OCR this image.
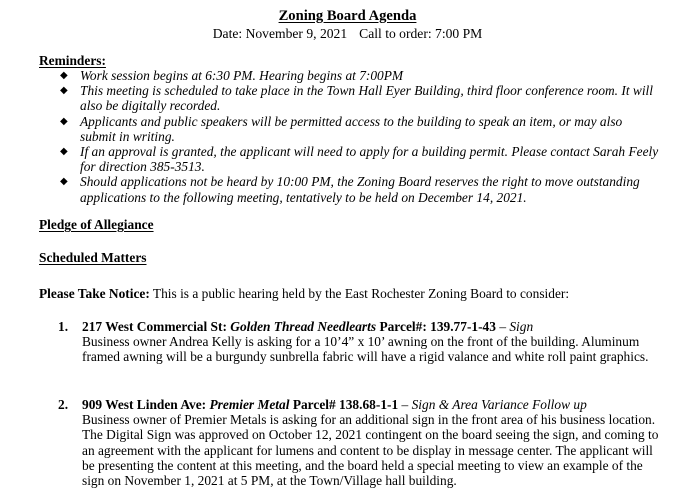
Zoning Board Agenda
Date: November 9, 2021 Call to order: 7:00 PM
Reminders:
◆ Work session begins at 6:30 PM. Hearing begins at 7:00PM
◆ This meeting is scheduled to take place in the Town Hall Eyer Building, third floor conference room. It will also be digitally recorded.
◆ Applicants and public speakers will be permitted access to the building to speak an item, or may also submit in writing.
◆ If an approval is granted, the applicant will need to apply for a building permit. Please contact Sarah Feely for direction 385-3513.
◆ Should applications not be heard by 10:00 PM, the Zoning Board reserves the right to move outstanding applications to the following meeting, tentatively to be held on December 14, 2021.
Pledge of Allegiance
Scheduled Matters
Please Take Notice: This is a public hearing held by the East Rochester Zoning Board to consider:
1. 217 West Commercial St: Golden Thread Needlearts Parcel#: 139.77-1-43 – Sign
Business owner Andrea Kelly is asking for a 10’4” x 10’ awning on the front of the building. Aluminum framed awning will be a burgundy sunbrella fabric will have a rigid valance and white roll paint graphics.
2. 909 West Linden Ave: Premier Metal Parcel# 138.68-1-1 – Sign & Area Variance Follow up
Business owner of Premier Metals is asking for an additional sign in the front area of his business location. The Digital Sign was approved on October 12, 2021 contingent on the board seeing the sign, and coming to an agreement with the applicant for lumens and content to be display in message center. The applicant will be presenting the content at this meeting, and the board held a special meeting to view an example of the sign on November 1, 2021 at 5 PM, at the Town/Village hall building.
